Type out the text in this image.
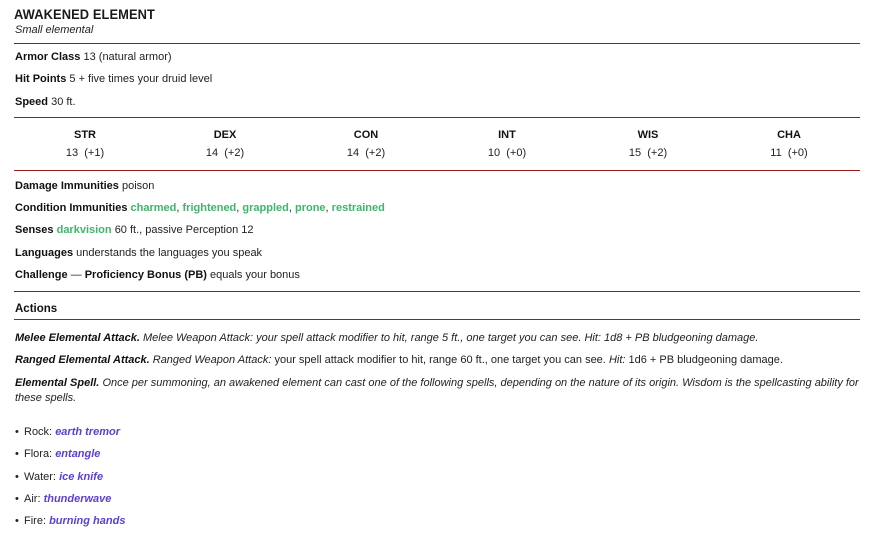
AWAKENED ELEMENT
Small elemental
Armor Class 13 (natural armor)
Hit Points 5 + five times your druid level
Speed 30 ft.
STR
13 (+1)
DEX
14 (+2)
CON
14 (+2)
INT
10 (+0)
WIS
15 (+2)
CHA
11 (+0)
Damage Immunities poison
Condition Immunities charmed, frightened, grappled, prone, restrained
Senses darkvision 60 ft., passive Perception 12
Languages understands the languages you speak
Challenge — Proficiency Bonus (PB) equals your bonus
Actions
Melee Elemental Attack. Melee Weapon Attack: your spell attack modifier to hit, range 5 ft., one target you can see. Hit: 1d8 + PB bludgeoning damage.
Ranged Elemental Attack. Ranged Weapon Attack: your spell attack modifier to hit, range 60 ft., one target you can see. Hit: 1d6 + PB bludgeoning damage.
Elemental Spell. Once per summoning, an awakened element can cast one of the following spells, depending on the nature of its origin. Wisdom is the spellcasting ability for these spells.
• Rock: earth tremor
• Flora: entangle
• Water: ice knife
• Air: thunderwave
• Fire: burning hands
